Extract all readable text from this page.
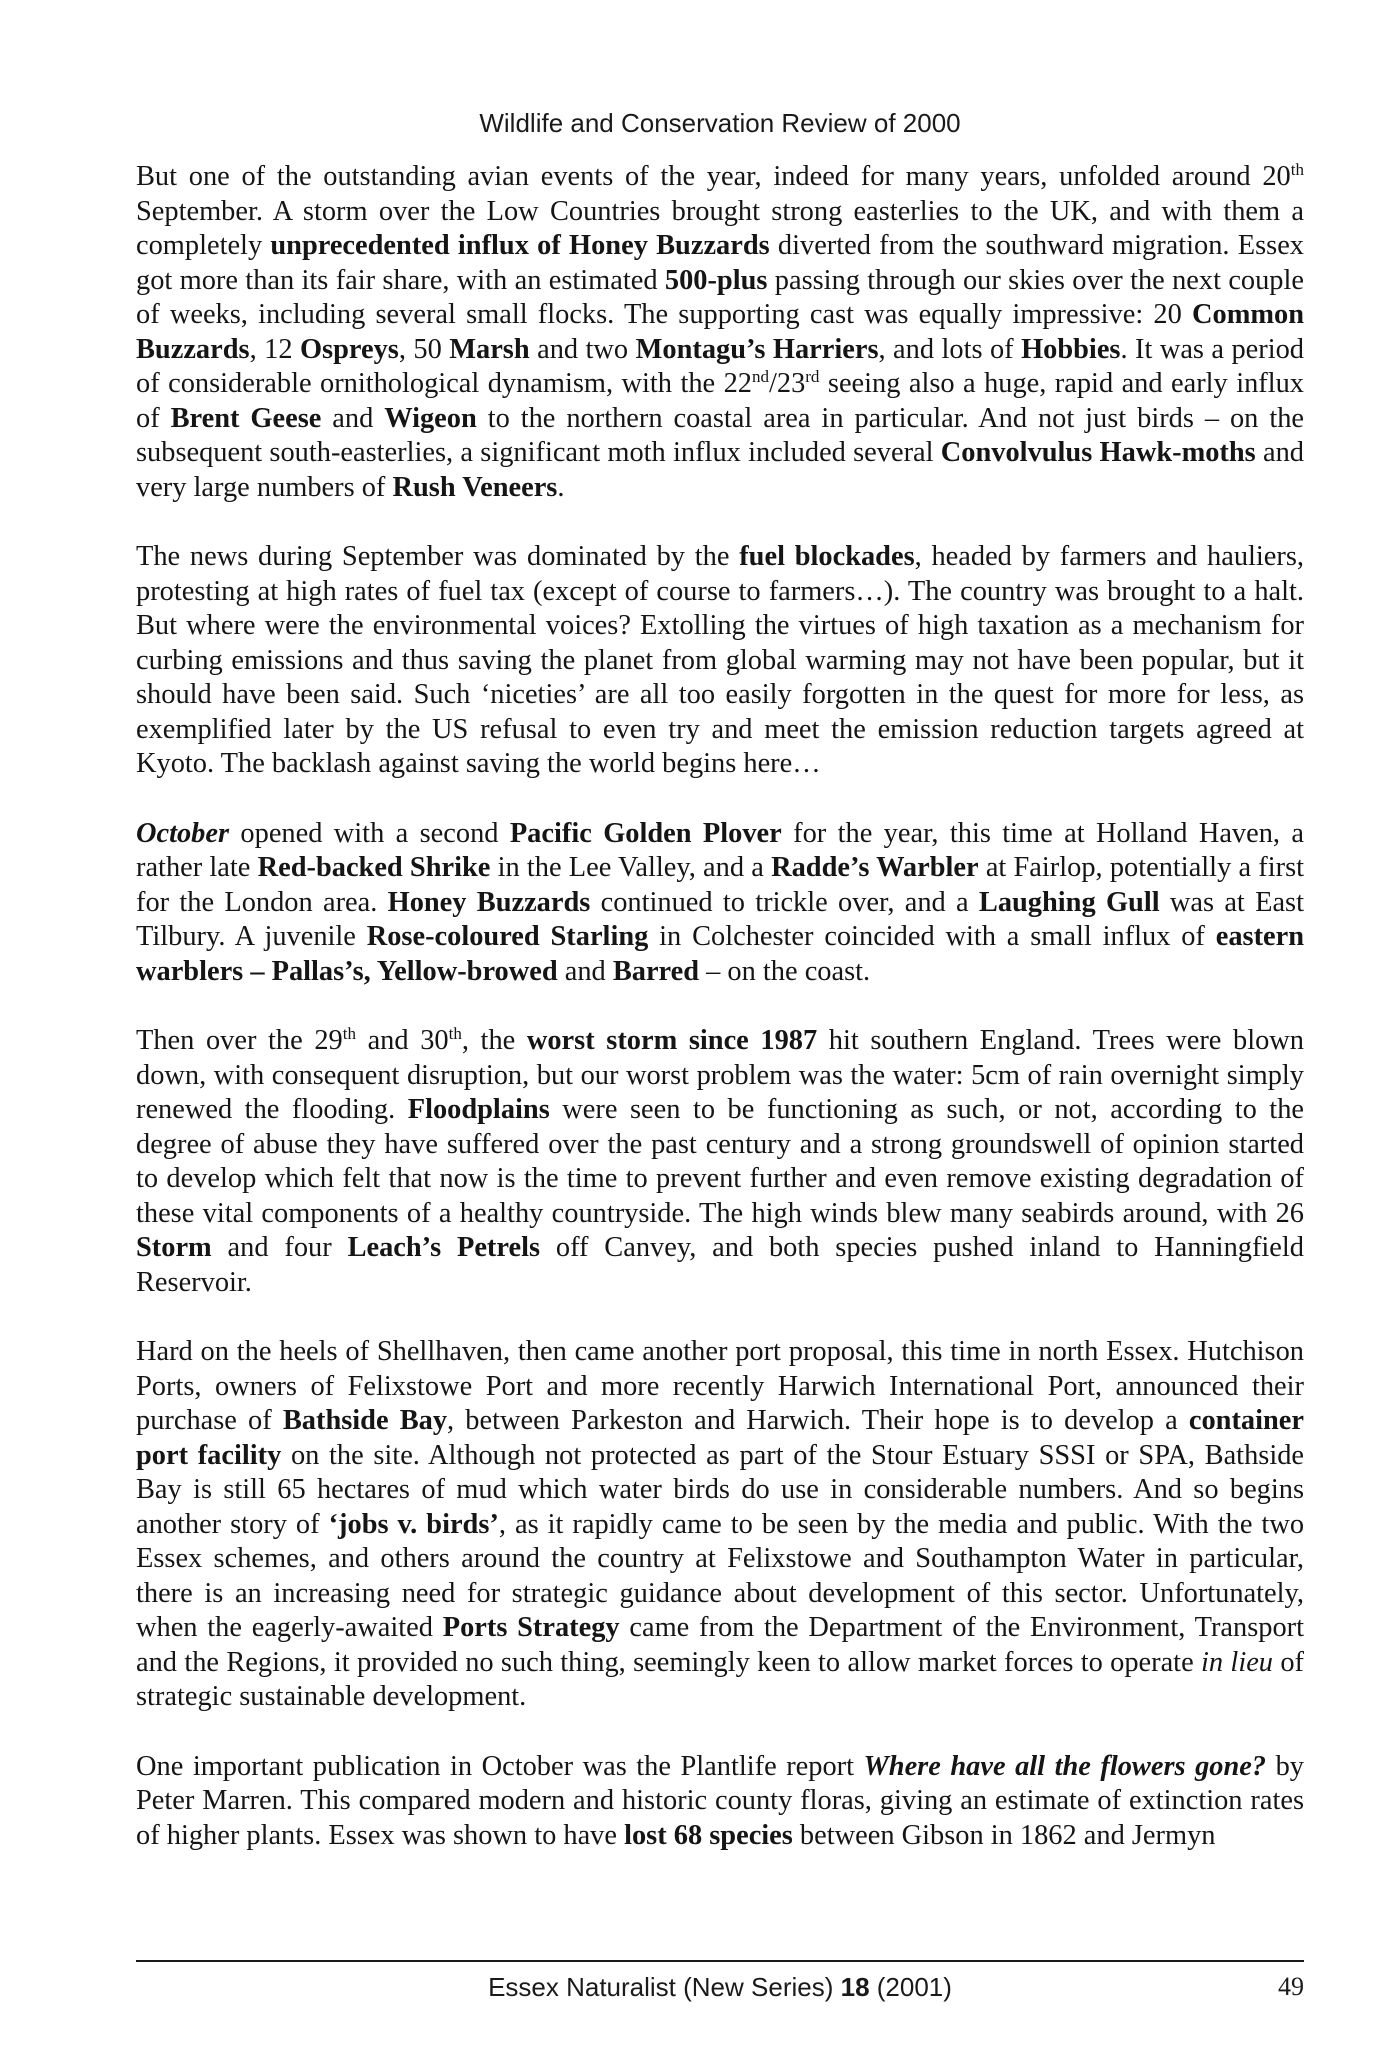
Wildlife and Conservation Review of 2000

But one of the outstanding avian events of the year, indeed for many years, unfolded around 20th September. A storm over the Low Countries brought strong easterlies to the UK, and with them a completely unprecedented influx of Honey Buzzards diverted from the southward migration. Essex got more than its fair share, with an estimated 500-plus passing through our skies over the next couple of weeks, including several small flocks. The supporting cast was equally impressive: 20 Common Buzzards, 12 Ospreys, 50 Marsh and two Montagu’s Harriers, and lots of Hobbies. It was a period of considerable ornithological dynamism, with the 22nd/23rd seeing also a huge, rapid and early influx of Brent Geese and Wigeon to the northern coastal area in particular. And not just birds – on the subsequent south-easterlies, a significant moth influx included several Convolvulus Hawk-moths and very large numbers of Rush Veneers.

The news during September was dominated by the fuel blockades, headed by farmers and hauliers, protesting at high rates of fuel tax (except of course to farmers…). The country was brought to a halt. But where were the environmental voices? Extolling the virtues of high taxation as a mechanism for curbing emissions and thus saving the planet from global warming may not have been popular, but it should have been said. Such ‘niceties’ are all too easily forgotten in the quest for more for less, as exemplified later by the US refusal to even try and meet the emission reduction targets agreed at Kyoto. The backlash against saving the world begins here…

October opened with a second Pacific Golden Plover for the year, this time at Holland Haven, a rather late Red-backed Shrike in the Lee Valley, and a Radde’s Warbler at Fairlop, potentially a first for the London area. Honey Buzzards continued to trickle over, and a Laughing Gull was at East Tilbury. A juvenile Rose-coloured Starling in Colchester coincided with a small influx of eastern warblers – Pallas’s, Yellow-browed and Barred – on the coast.

Then over the 29th and 30th, the worst storm since 1987 hit southern England. Trees were blown down, with consequent disruption, but our worst problem was the water: 5cm of rain overnight simply renewed the flooding. Floodplains were seen to be functioning as such, or not, according to the degree of abuse they have suffered over the past century and a strong groundswell of opinion started to develop which felt that now is the time to prevent further and even remove existing degradation of these vital components of a healthy countryside. The high winds blew many seabirds around, with 26 Storm and four Leach’s Petrels off Canvey, and both species pushed inland to Hanningfield Reservoir.

Hard on the heels of Shellhaven, then came another port proposal, this time in north Essex. Hutchison Ports, owners of Felixstowe Port and more recently Harwich International Port, announced their purchase of Bathside Bay, between Parkeston and Harwich. Their hope is to develop a container port facility on the site. Although not protected as part of the Stour Estuary SSSI or SPA, Bathside Bay is still 65 hectares of mud which water birds do use in considerable numbers. And so begins another story of ‘jobs v. birds’, as it rapidly came to be seen by the media and public. With the two Essex schemes, and others around the country at Felixstowe and Southampton Water in particular, there is an increasing need for strategic guidance about development of this sector. Unfortunately, when the eagerly-awaited Ports Strategy came from the Department of the Environment, Transport and the Regions, it provided no such thing, seemingly keen to allow market forces to operate in lieu of strategic sustainable development.

One important publication in October was the Plantlife report Where have all the flowers gone? by Peter Marren. This compared modern and historic county floras, giving an estimate of extinction rates of higher plants. Essex was shown to have lost 68 species between Gibson in 1862 and Jermyn

Essex Naturalist (New Series) 18 (2001)	49
